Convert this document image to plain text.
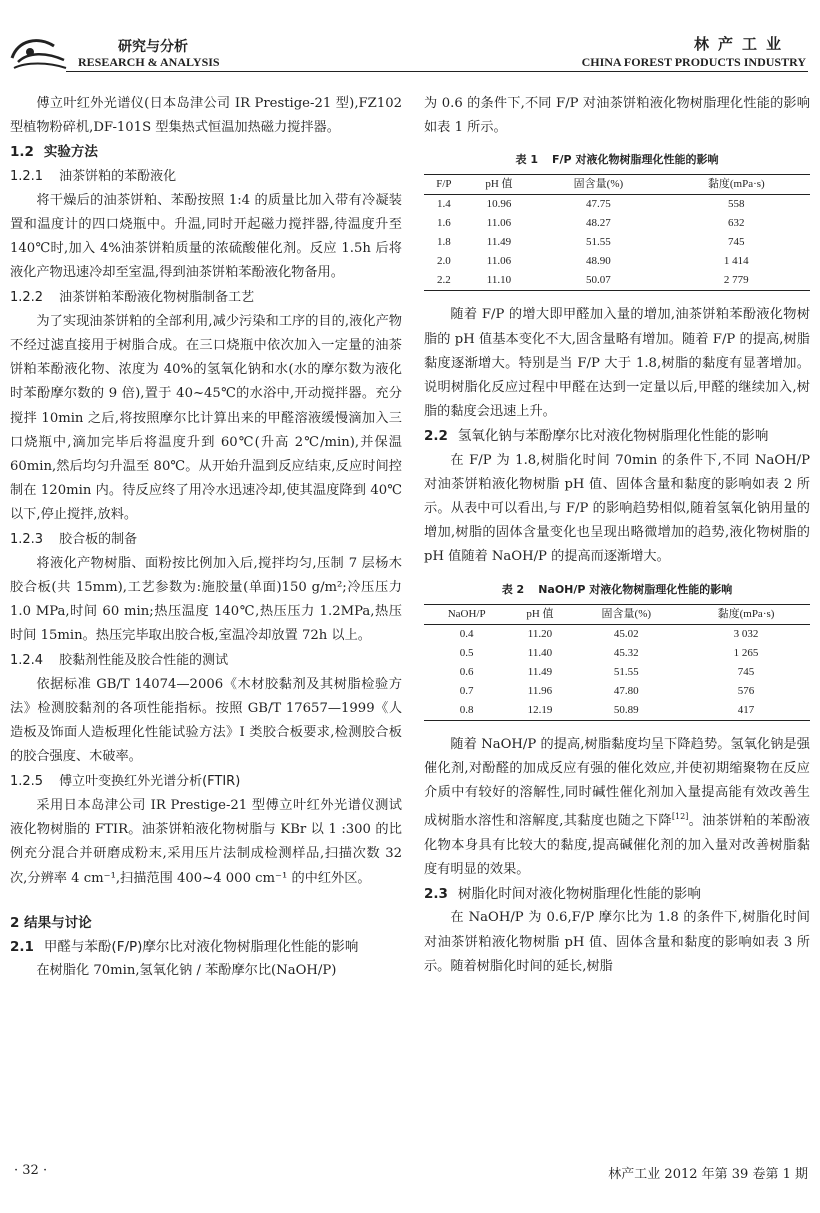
研究与分析
RESEARCH & ANALYSIS
林产工业
CHINA FOREST PRODUCTS INDUSTRY

傅立叶红外光谱仪(日本岛津公司 IR Prestige-21 型),FZ102 型植物粉碎机,DF-101S 型集热式恒温加热磁力搅拌器。

1.2 实验方法
1.2.1 油茶饼粕的苯酚液化

将干燥后的油茶饼粕、苯酚按照 1:4 的质量比加入带有冷凝装置和温度计的四口烧瓶中。升温,同时开起磁力搅拌器,待温度升至 140℃时,加入 4%油茶饼粕质量的浓硫酸催化剂。反应 1.5h 后将液化产物迅速冷却至室温,得到油茶饼粕苯酚液化物备用。

1.2.2 油茶饼粕苯酚液化物树脂制备工艺

为了实现油茶饼粕的全部利用,减少污染和工序的目的,液化产物不经过滤直接用于树脂合成。在三口烧瓶中依次加入一定量的油茶饼粕苯酚液化物、浓度为 40%的氢氧化钠和水(水的摩尔数为液化时苯酚摩尔数的 9 倍),置于 40~45℃的水浴中,开动搅拌器。充分搅拌 10min 之后,将按照摩尔比计算出来的甲醛溶液缓慢滴加入三口烧瓶中,滴加完毕后将温度升到 60℃(升高 2℃/min),并保温 60min,然后均匀升温至 80℃。从开始升温到反应结束,反应时间控制在 120min 内。待反应终了用冷水迅速冷却,使其温度降到 40℃以下,停止搅拌,放料。

1.2.3 胶合板的制备

将液化产物树脂、面粉按比例加入后,搅拌均匀,压制 7 层杨木胶合板(共 15mm),工艺参数为:施胶量(单面)150 g/m²;冷压压力 1.0 MPa,时间 60 min;热压温度 140℃,热压压力 1.2MPa,热压时间 15min。热压完毕取出胶合板,室温冷却放置 72h 以上。

1.2.4 胶黏剂性能及胶合性能的测试

依据标准 GB/T 14074—2006《木材胶黏剂及其树脂检验方法》检测胶黏剂的各项性能指标。按照 GB/T 17657—1999《人造板及饰面人造板理化性能试验方法》I 类胶合板要求,检测胶合板的胶合强度、木破率。

1.2.5 傅立叶变换红外光谱分析(FTIR)

采用日本岛津公司 IR Prestige-21 型傅立叶红外光谱仪测试液化物树脂的 FTIR。油茶饼粕液化物树脂与 KBr 以 1 :300 的比例充分混合并研磨成粉末,采用压片法制成检测样品,扫描次数 32 次,分辨率 4 cm⁻¹,扫描范围 400~4 000 cm⁻¹ 的中红外区。

2 结果与讨论
2.1 甲醛与苯酚(F/P)摩尔比对液化物树脂理化性能的影响

在树脂化 70min,氢氧化钠 / 苯酚摩尔比(NaOH/P)

为 0.6 的条件下,不同 F/P 对油茶饼粕液化物树脂理化性能的影响如表 1 所示。

表 1 F/P 对液化物树脂理化性能的影响
F/P	pH 值	固含量(%)	黏度(mPa·s)
1.4	10.96	47.75	558
1.6	11.06	48.27	632
1.8	11.49	51.55	745
2.0	11.06	48.90	1 414
2.2	11.10	50.07	2 779

随着 F/P 的增大即甲醛加入量的增加,油茶饼粕苯酚液化物树脂的 pH 值基本变化不大,固含量略有增加。随着 F/P 的提高,树脂黏度逐渐增大。特别是当 F/P 大于 1.8,树脂的黏度有显著增加。说明树脂化反应过程中甲醛在达到一定量以后,甲醛的继续加入,树脂的黏度会迅速上升。

2.2 氢氧化钠与苯酚摩尔比对液化物树脂理化性能的影响

在 F/P 为 1.8,树脂化时间 70min 的条件下,不同 NaOH/P 对油茶饼粕液化物树脂 pH 值、固体含量和黏度的影响如表 2 所示。从表中可以看出,与 F/P 的影响趋势相似,随着氢氧化钠用量的增加,树脂的固体含量变化也呈现出略微增加的趋势,液化物树脂的 pH 值随着 NaOH/P 的提高而逐渐增大。

表 2 NaOH/P 对液化物树脂理化性能的影响
NaOH/P	pH 值	固含量(%)	黏度(mPa·s)
0.4	11.20	45.02	3 032
0.5	11.40	45.32	1 265
0.6	11.49	51.55	745
0.7	11.96	47.80	576
0.8	12.19	50.89	417

随着 NaOH/P 的提高,树脂黏度均呈下降趋势。氢氧化钠是强催化剂,对酚醛的加成反应有强的催化效应,并使初期缩聚物在反应介质中有较好的溶解性,同时碱性催化剂加入量提高能有效改善生成树脂水溶性和溶解度,其黏度也随之下降[12]。油茶饼粕的苯酚液化物本身具有比较大的黏度,提高碱催化剂的加入量对改善树脂黏度有明显的效果。

2.3 树脂化时间对液化物树脂理化性能的影响

在 NaOH/P 为 0.6,F/P 摩尔比为 1.8 的条件下,树脂化时间对油茶饼粕液化物树脂 pH 值、固体含量和黏度的影响如表 3 所示。随着树脂化时间的延长,树脂

· 32 ·	林产工业 2012 年第 39 卷第 1 期
